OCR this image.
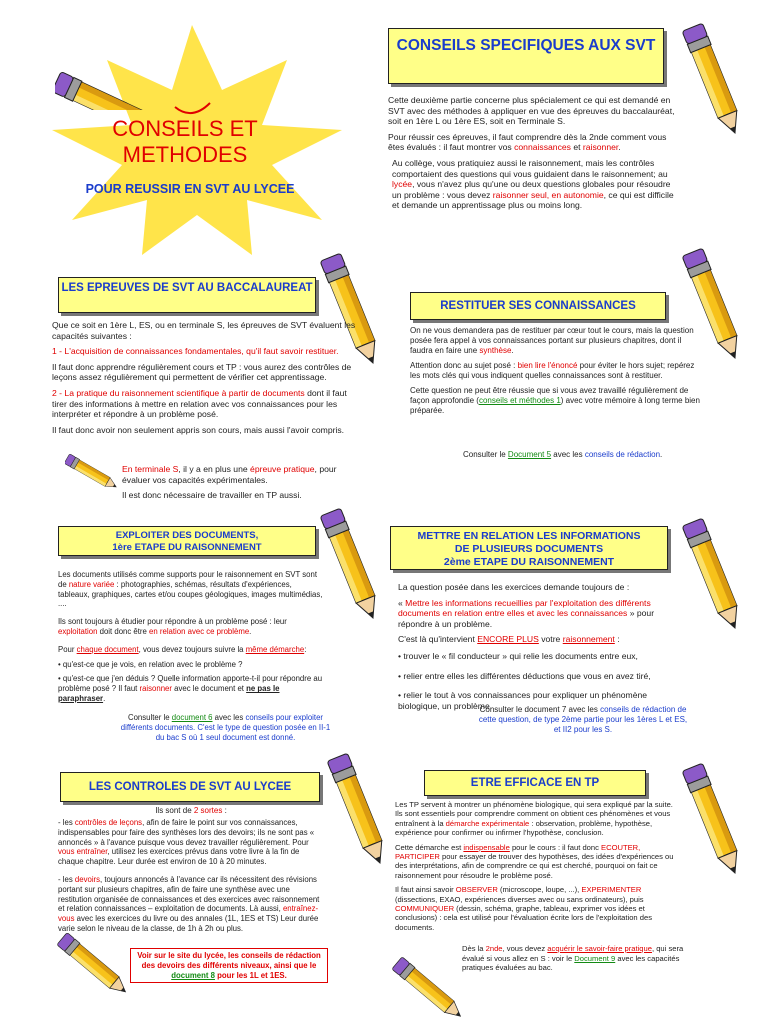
CONSEILS ET
METHODES
POUR REUSSIR EN SVT AU LYCEE
CONSEILS SPECIFIQUES AUX SVT

Cette deuxième partie concerne plus spécialement ce qui est demandé en SVT avec des méthodes à appliquer en vue des épreuves du baccalauréat, soit en 1ère L ou 1ère ES, soit en Terminale S.

Pour réussir ces épreuves, il faut comprendre dès la 2nde comment vous êtes évalués : il faut montrer vos connaissances et raisonner.

Au collège, vous pratiquiez aussi le raisonnement, mais les contrôles comportaient des questions qui vous guidaient dans le raisonnement; au lycée, vous n'avez plus qu'une ou deux questions globales pour résoudre un problème : vous devez raisonner seul, en autonomie, ce qui est difficile et demande un apprentissage plus ou moins long.

LES EPREUVES DE SVT AU BACCALAUREAT

Que ce soit en 1ère L, ES, ou en terminale S, les épreuves de SVT évaluent les capacités suivantes :

1 - L'acquisition de connaissances fondamentales, qu'il faut savoir restituer.

Il faut donc apprendre régulièrement cours et TP : vous aurez des contrôles de leçons assez régulièrement qui permettent de vérifier cet apprentissage.

2 - La pratique du raisonnement scientifique à partir de documents dont il faut tirer des informations à mettre en relation avec vos connaissances pour les interpréter et répondre à un problème posé.

Il faut donc avoir non seulement appris son cours, mais aussi l'avoir compris.

En terminale S, il y a en plus une épreuve pratique, pour évaluer vos capacités expérimentales.

Il est donc nécessaire de travailler en TP aussi.

RESTITUER SES CONNAISSANCES

On ne vous demandera pas de restituer par cœur tout le cours, mais la question posée fera appel à vos connaissances portant sur plusieurs chapitres, dont il faudra en faire une synthèse.

Attention donc au sujet posé : bien lire l'énoncé pour éviter le hors sujet; repérez les mots clés qui vous indiquent quelles connaissances sont à restituer.

Cette question ne peut être réussie que si vous avez travaillé régulièrement de façon approfondie (conseils et méthodes 1) avec votre mémoire à long terme bien préparée.

Consulter le Document 5 avec les conseils de rédaction.
EXPLOITER DES DOCUMENTS,
1ère ETAPE DU RAISONNEMENT

Les documents utilisés comme supports pour le raisonnement en SVT sont de nature variée : photographies, schémas, résultats d'expériences, tableaux, graphiques, cartes et/ou coupes géologiques, images multimédias, ....

Ils sont toujours à étudier pour répondre à un problème posé : leur exploitation doit donc être en relation avec ce problème.

Pour chaque document, vous devez toujours suivre la même démarche:

• qu'est-ce que je vois, en relation avec le problème ?

• qu'est-ce que j'en déduis ? Quelle information apporte-t-il pour répondre au problème posé ? Il faut raisonner avec le document et ne pas le paraphraser.

Consulter le document 6 avec les conseils pour exploiter différents documents. C'est le type de question posée en II-1 du bac S où 1 seul document est donné.
METTRE EN RELATION LES INFORMATIONS
DE PLUSIEURS DOCUMENTS
2ème ETAPE DU RAISONNEMENT

La question posée dans les exercices demande toujours de :

« Mettre les informations recueillies par l'exploitation des différents documents en relation entre elles et avec les connaissances » pour répondre à un problème.

C'est là qu'intervient ENCORE PLUS votre raisonnement :

• trouver le « fil conducteur » qui relie les documents entre eux,

• relier entre elles les différentes déductions que vous en avez tiré,

• relier le tout à vos connaissances pour expliquer un phénomène biologique, un problème.

Consulter le document 7 avec les conseils de rédaction de cette question, de type 2ème partie pour les 1ères L et ES, et II2 pour les S.
LES CONTROLES DE SVT AU LYCEE
Ils sont de 2 sortes :

- les contrôles de leçons, afin de faire le point sur vos connaissances, indispensables pour faire des synthèses lors des devoirs; ils ne sont pas « annoncés » à l'avance puisque vous devez travailler régulièrement. Pour vous entraîner, utilisez les exercices prévus dans votre livre à la fin de chaque chapitre. Leur durée est environ de 10 à 20 minutes.

- les devoirs, toujours annoncés à l'avance car ils nécessitent des révisions portant sur plusieurs chapitres, afin de faire une synthèse avec une restitution organisée de connaissances et des exercices avec raisonnement et relation connaissances – exploitation de documents. Là aussi, entraînez-vous avec les exercices du livre ou des annales (1L, 1ES et TS) Leur durée varie selon le niveau de la classe, de 1h à 2h ou plus.

Voir sur le site du lycée, les conseils de rédaction des devoirs des différents niveaux, ainsi que le document 8 pour les 1L et 1ES.
ETRE EFFICACE EN TP

Les TP servent à montrer un phénomène biologique, qui sera expliqué par la suite. Ils sont essentiels pour comprendre comment on obtient ces phénomènes et vous entraînent à la démarche expérimentale : observation, problème, hypothèse, expérience pour confirmer ou infirmer l'hypothèse, conclusion.

Cette démarche est indispensable pour le cours : il faut donc ECOUTER, PARTICIPER pour essayer de trouver des hypothèses, des idées d'expériences ou des interprétations, afin de comprendre ce qui est cherché, pourquoi on fait ce raisonnement pour résoudre le problème posé.

Il faut ainsi savoir OBSERVER (microscope, loupe, ...), EXPERIMENTER (dissections, EXAO, expériences diverses avec ou sans ordinateurs), puis COMMUNIQUER (dessin, schéma, graphe, tableau, exprimer vos idées et conclusions) : cela est utilisé pour l'évaluation écrite lors de l'exploitation des documents.

Dès la 2nde, vous devez acquérir le savoir-faire pratique, qui sera évalué si vous allez en S : voir le Document 9 avec les capacités pratiques évaluées au bac.
